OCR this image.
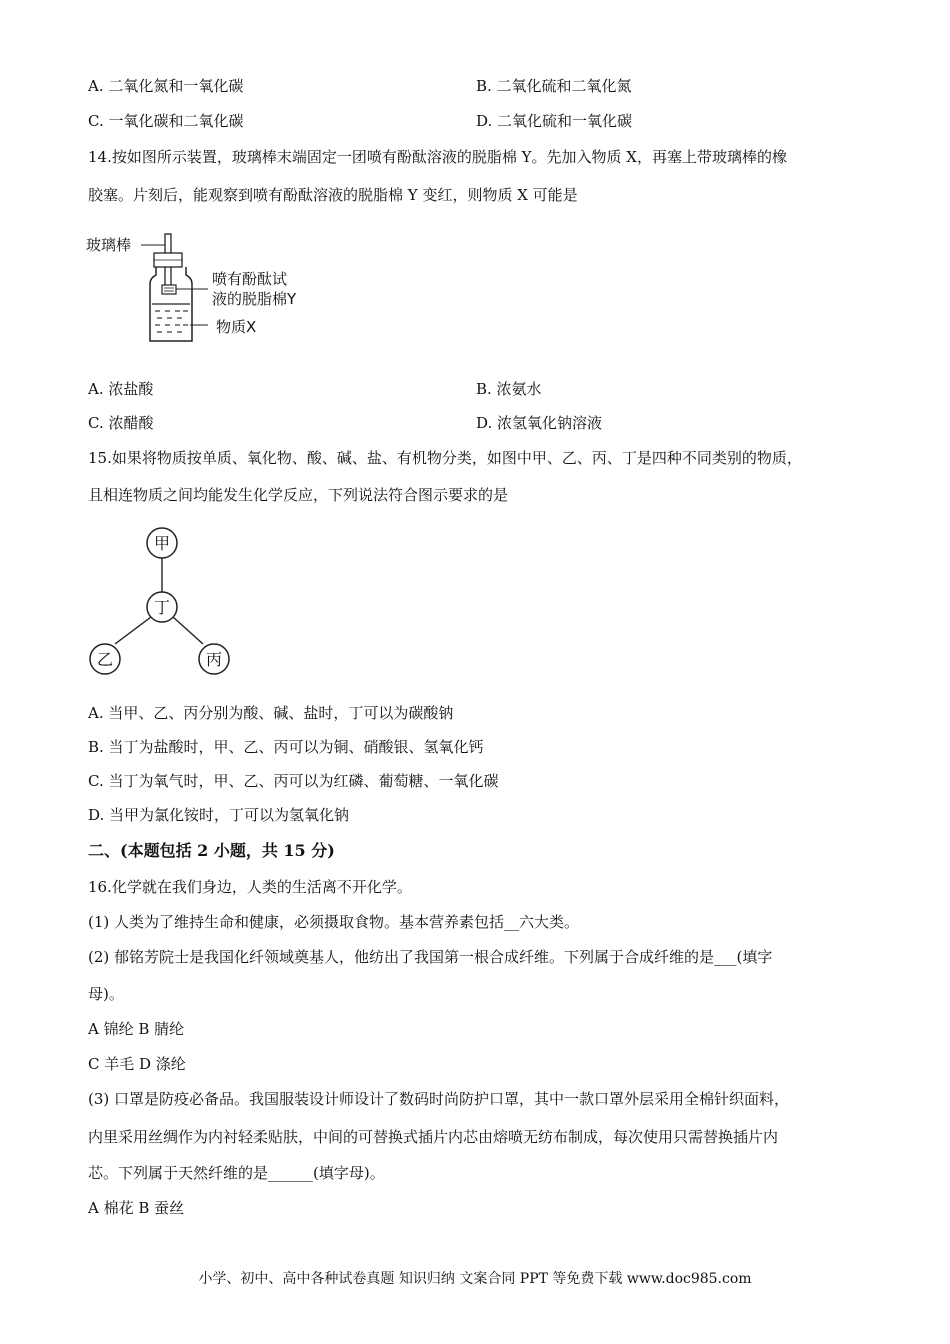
A. 二氧化氮和一氧化碳	B. 二氧化硫和二氧化氮
C. 一氧化碳和二氧化碳	D. 二氧化硫和一氧化碳
14.按如图所示装置，玻璃棒末端固定一团喷有酚酞溶液的脱脂棉 Y。先加入物质 X，再塞上带玻璃棒的橡
胶塞。片刻后，能观察到喷有酚酞溶液的脱脂棉 Y 变红，则物质 X 可能是
玻璃棒
喷有酚酞试
液的脱脂棉Y
物质X
A. 浓盐酸	B. 浓氨水
C. 浓醋酸	D. 浓氢氧化钠溶液
15.如果将物质按单质、氧化物、酸、碱、盐、有机物分类，如图中甲、乙、丙、丁是四种不同类别的物质，
且相连物质之间均能发生化学反应，下列说法符合图示要求的是
甲
丁
乙	丙
A. 当甲、乙、丙分别为酸、碱、盐时，丁可以为碳酸钠
B. 当丁为盐酸时，甲、乙、丙可以为铜、硝酸银、氢氧化钙
C. 当丁为氧气时，甲、乙、丙可以为红磷、葡萄糖、一氧化碳
D. 当甲为氯化铵时，丁可以为氢氧化钠
二、(本题包括 2 小题，共 15 分)
16.化学就在我们身边，人类的生活离不开化学。
(1) 人类为了维持生命和健康，必须摄取食物。基本营养素包括__六大类。
(2) 郁铭芳院士是我国化纤领域奠基人，他纺出了我国第一根合成纤维。下列属于合成纤维的是___(填字
母)。
A 锦纶 B 腈纶
C 羊毛 D 涤纶
(3) 口罩是防疫必备品。我国服装设计师设计了数码时尚防护口罩，其中一款口罩外层采用全棉针织面料，
内里采用丝绸作为内衬轻柔贴肤，中间的可替换式插片内芯由熔喷无纺布制成，每次使用只需替换插片内
芯。下列属于天然纤维的是______(填字母)。
A 棉花 B 蚕丝
小学、初中、高中各种试卷真题 知识归纳 文案合同 PPT 等免费下载 www.doc985.com
